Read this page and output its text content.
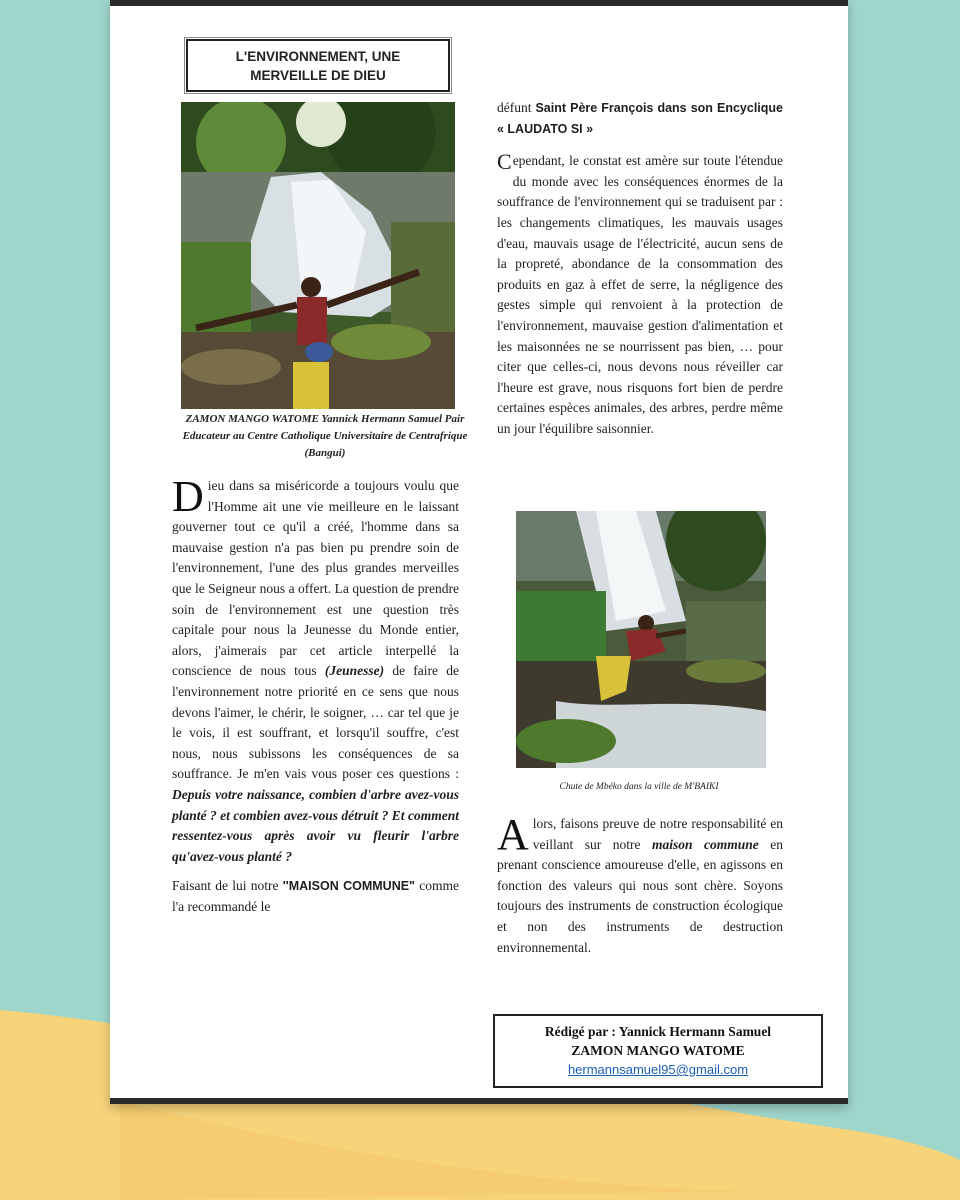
L'ENVIRONNEMENT, UNE MERVEILLE DE DIEU
ZAMON MANGO WATOME Yannick Hermann Samuel Pair Educateur au Centre Catholique Universitaire de Centrafrique (Bangui)

Dieu dans sa miséricorde a toujours voulu que l'Homme ait une vie meilleure en le laissant gouverner tout ce qu'il a créé, l'homme dans sa mauvaise gestion n'a pas bien pu prendre soin de l'environnement, l'une des plus grandes merveilles que le Seigneur nous a offert. La question de prendre soin de l'environnement est une question très capitale pour nous la Jeunesse du Monde entier, alors, j'aimerais par cet article interpellé la conscience de nous tous (Jeunesse) de faire de l'environnement notre priorité en ce sens que nous devons l'aimer, le chérir, le soigner, … car tel que je le vois, il est souffrant, et lorsqu'il souffre, c'est nous, nous subissons les conséquences de sa souffrance. Je m'en vais vous poser ces questions : Depuis votre naissance, combien d'arbre avez-vous planté ? et combien avez-vous détruit ? Et comment ressentez-vous après avoir vu fleurir l'arbre qu'avez-vous planté ?

Faisant de lui notre ''MAISON COMMUNE" comme l'a recommandé le

défunt Saint Père François dans son Encyclique « LAUDATO SI »

Cependant, le constat est amère sur toute l'étendue du monde avec les conséquences énormes de la souffrance de l'environnement qui se traduisent par : les changements climatiques, les mauvais usages d'eau, mauvais usage de l'électricité, aucun sens de la propreté, abondance de la consommation des produits en gaz à effet de serre, la négligence des gestes simple qui renvoient à la protection de l'environnement, mauvaise gestion d'alimentation et les maisonnées ne se nourrissent pas bien, … pour citer que celles-ci, nous devons nous réveiller car l'heure est grave, nous risquons fort bien de perdre certaines espèces animales, des arbres, perdre même un jour l'équilibre saisonnier.

Chute de Mbéko dans la ville de M'BAIKI

Alors, faisons preuve de notre responsabilité en veillant sur notre maison commune en prenant conscience amoureuse d'elle, en agissons en fonction des valeurs qui nous sont chère. Soyons toujours des instruments de construction écologique et non des instruments de destruction environnemental.

Rédigé par : Yannick Hermann Samuel
ZAMON MANGO WATOME
hermannsamuel95@gmail.com
